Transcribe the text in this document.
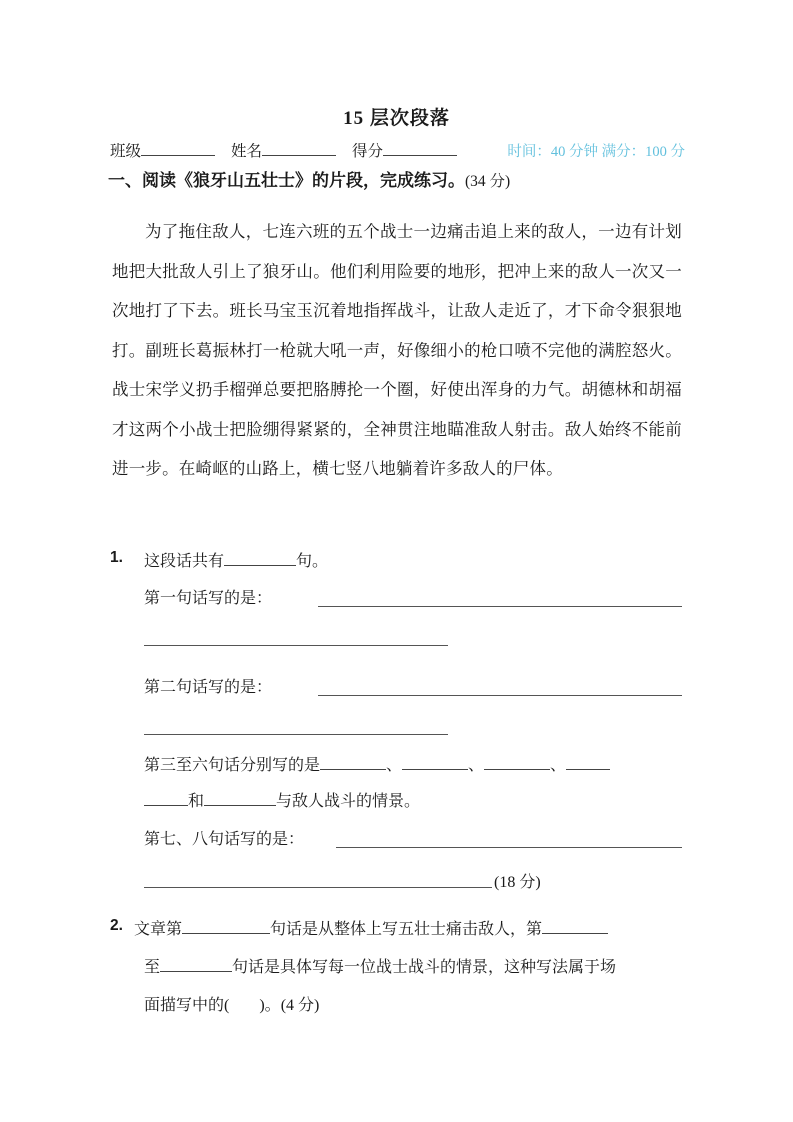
15 层次段落
班级	姓名	得分	时间：40 分钟 满分：100 分
一、阅读《狼牙山五壮士》的片段，完成练习。(34 分)
为了拖住敌人，七连六班的五个战士一边痛击追上来的敌人，一边有计划地把大批敌人引上了狼牙山。他们利用险要的地形，把冲上来的敌人一次又一次地打了下去。班长马宝玉沉着地指挥战斗，让敌人走近了，才下命令狠狠地打。副班长葛振林打一枪就大吼一声，好像细小的枪口喷不完他的满腔怒火。战士宋学义扔手榴弹总要把胳膊抡一个圈，好使出浑身的力气。胡德林和胡福才这两个小战士把脸绷得紧紧的，全神贯注地瞄准敌人射击。敌人始终不能前进一步。在崎岖的山路上，横七竖八地躺着许多敌人的尸体。
1. 这段话共有	句。
第一句话写的是：
第二句话写的是：
第三至六句话分别写的是	、	、	、
和	与敌人战斗的情景。
第七、八句话写的是：
(18 分)
2. 文章第	句话是从整体上写五壮士痛击敌人，第
至	句话是具体写每一位战士战斗的情景，这种写法属于场
面描写中的( )。(4 分)
